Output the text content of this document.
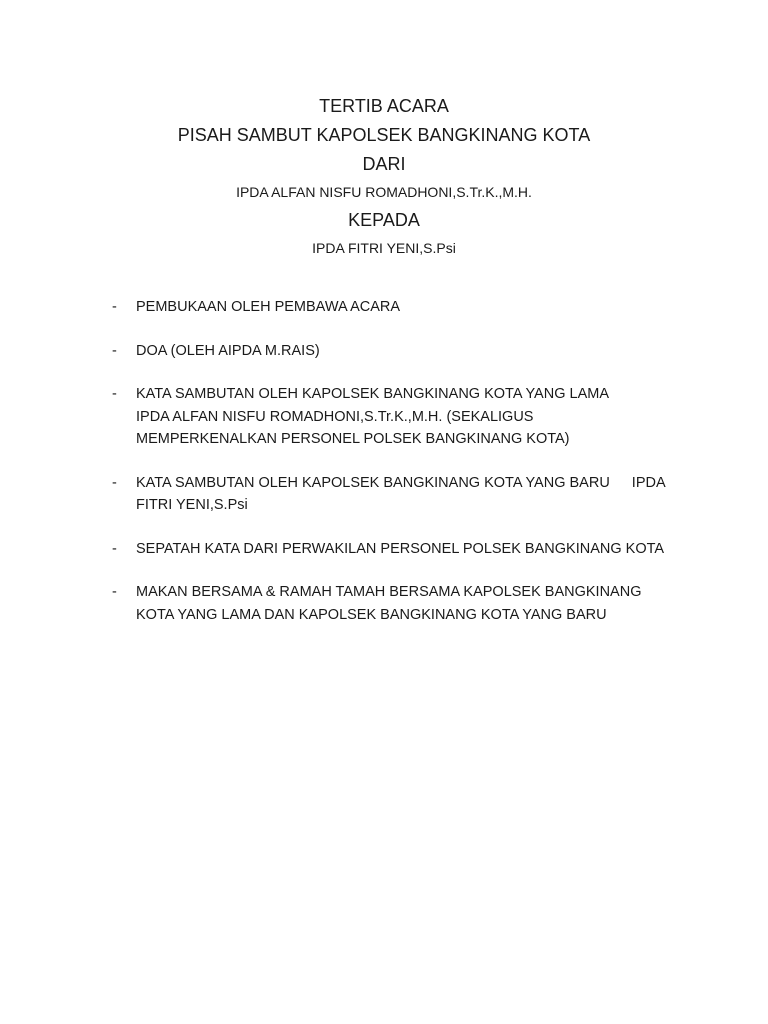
TERTIB ACARA
PISAH SAMBUT KAPOLSEK BANGKINANG KOTA
DARI
IPDA ALFAN NISFU ROMADHONI,S.Tr.K.,M.H.
KEPADA
IPDA FITRI YENI,S.Psi
- PEMBUKAAN OLEH PEMBAWA ACARA
- DOA (OLEH AIPDA M.RAIS)
- KATA SAMBUTAN OLEH KAPOLSEK BANGKINANG KOTA YANG LAMA
IPDA ALFAN NISFU ROMADHONI,S.Tr.K.,M.H. (SEKALIGUS
MEMPERKENALKAN PERSONEL POLSEK BANGKINANG KOTA)
- KATA SAMBUTAN OLEH KAPOLSEK BANGKINANG KOTA YANG BARU IPDA
FITRI YENI,S.Psi
- SEPATAH KATA DARI PERWAKILAN PERSONEL POLSEK BANGKINANG KOTA
- MAKAN BERSAMA & RAMAH TAMAH BERSAMA KAPOLSEK BANGKINANG
KOTA YANG LAMA DAN KAPOLSEK BANGKINANG KOTA YANG BARU
